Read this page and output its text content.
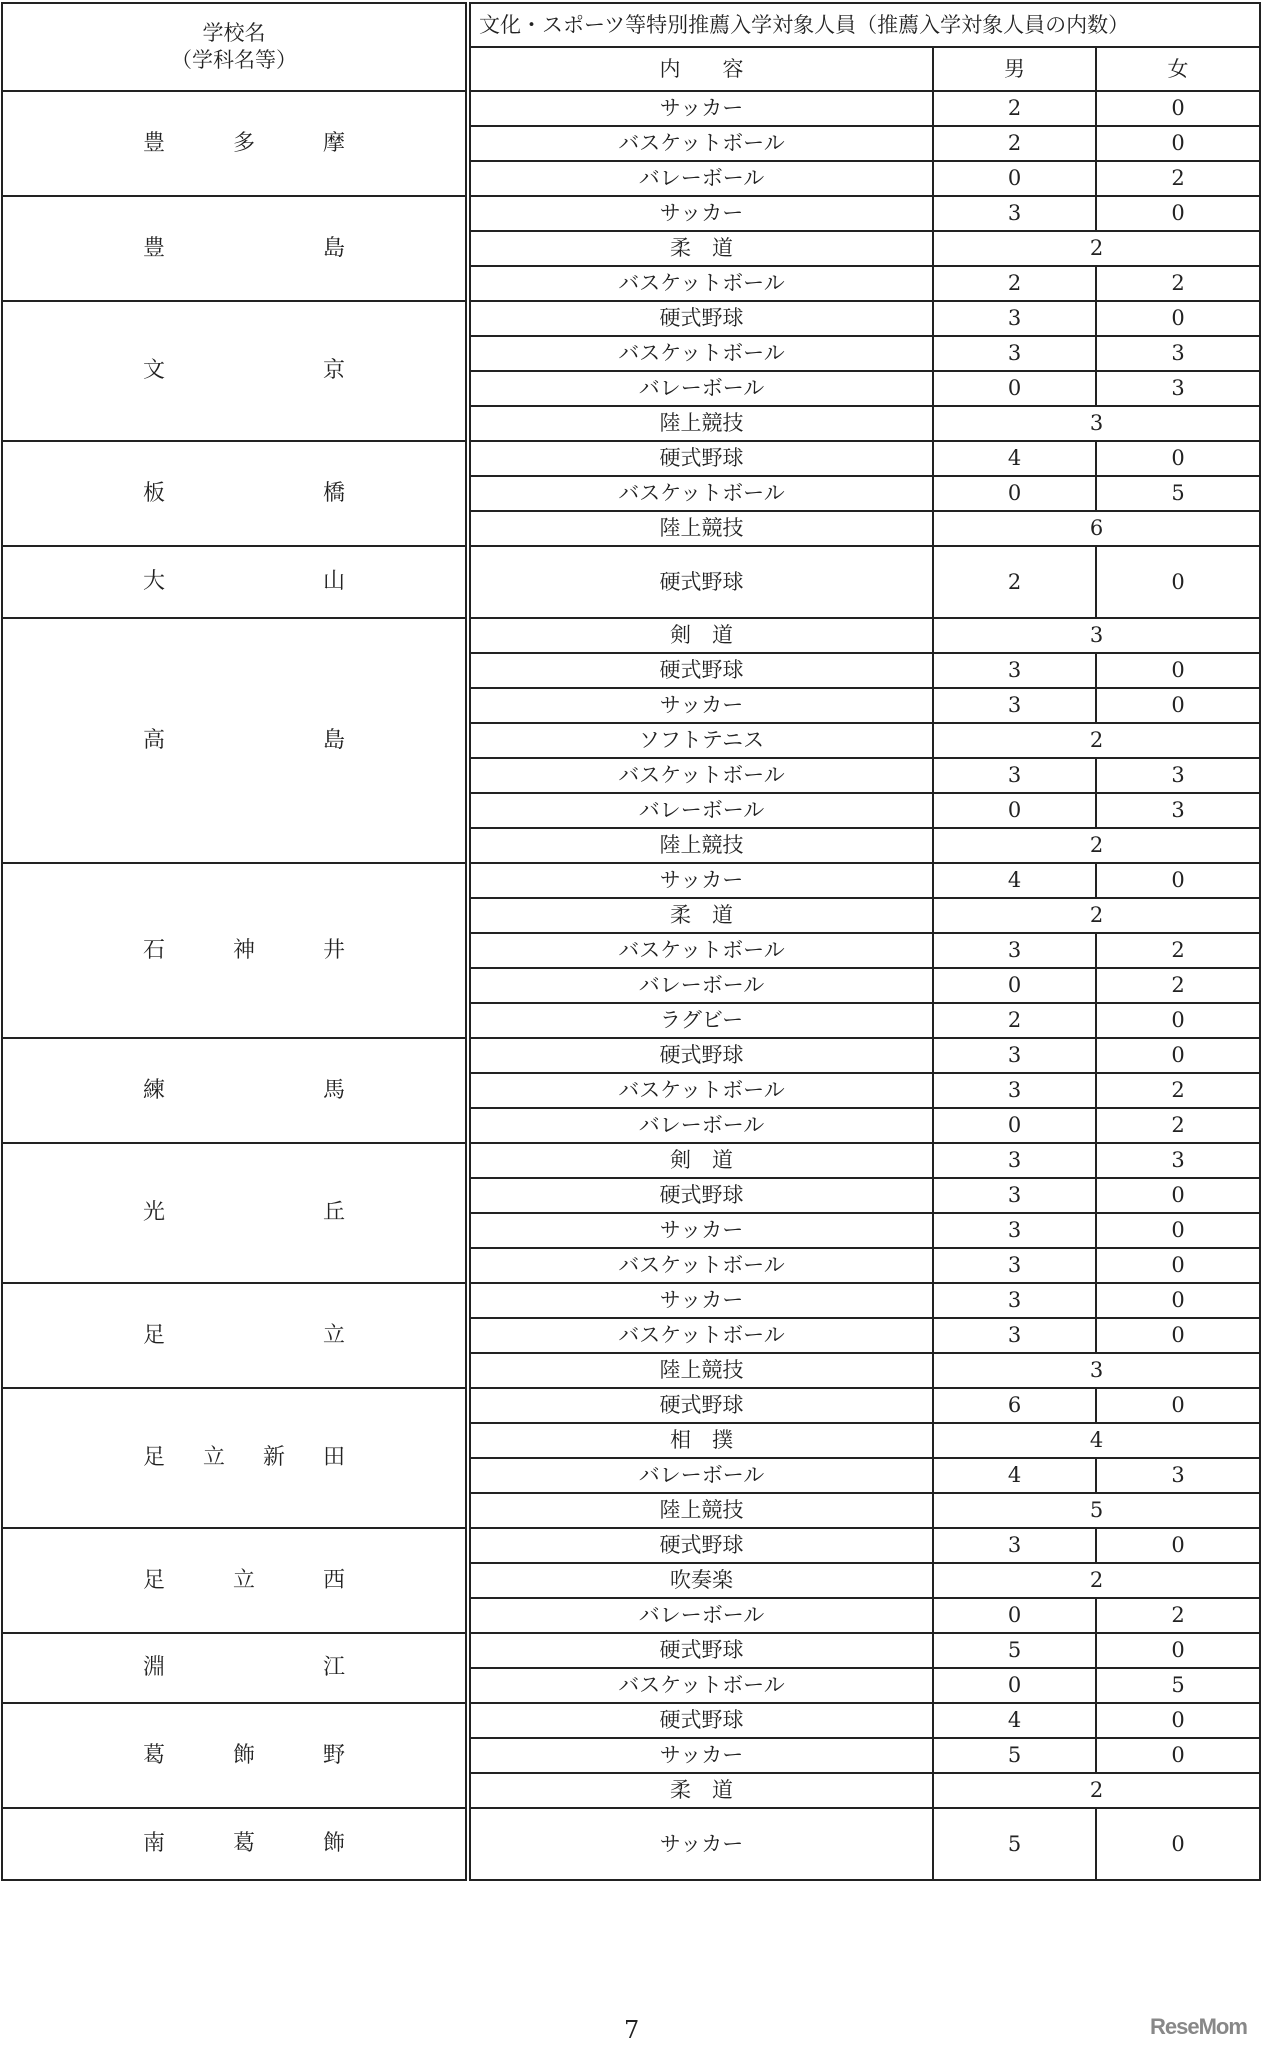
学校名
（学科名等）	文化・スポーツ等特別推薦入学対象人員（推薦入学対象人員の内数）		
	内　　容	男	女
豊多摩	サッカー	2	0
	バスケットボール	2	0
	バレーボール	0	2
豊島	サッカー	3	0
	柔　道	2	
	バスケットボール	2	2
文京	硬式野球	3	0
	バスケットボール	3	3
	バレーボール	0	3
	陸上競技	3	
板橋	硬式野球	4	0
	バスケットボール	0	5
	陸上競技	6	
大山	硬式野球	2	0
高島	剣　道	3	
	硬式野球	3	0
	サッカー	3	0
	ソフトテニス	2	
	バスケットボール	3	3
	バレーボール	0	3
	陸上競技	2	
石神井	サッカー	4	0
	柔　道	2	
	バスケットボール	3	2
	バレーボール	0	2
	ラグビー	2	0
練馬	硬式野球	3	0
	バスケットボール	3	2
	バレーボール	0	2
光丘	剣　道	3	3
	硬式野球	3	0
	サッカー	3	0
	バスケットボール	3	0
足立	サッカー	3	0
	バスケットボール	3	0
	陸上競技	3	
足立新田	硬式野球	6	0
	相　撲	4	
	バレーボール	4	3
	陸上競技	5	
足立西	硬式野球	3	0
	吹奏楽	2	
	バレーボール	0	2
淵江	硬式野球	5	0
	バスケットボール	0	5
葛飾野	硬式野球	4	0
	サッカー	5	0
	柔　道	2	
南葛飾	サッカー	5	0
7	ReseMom
